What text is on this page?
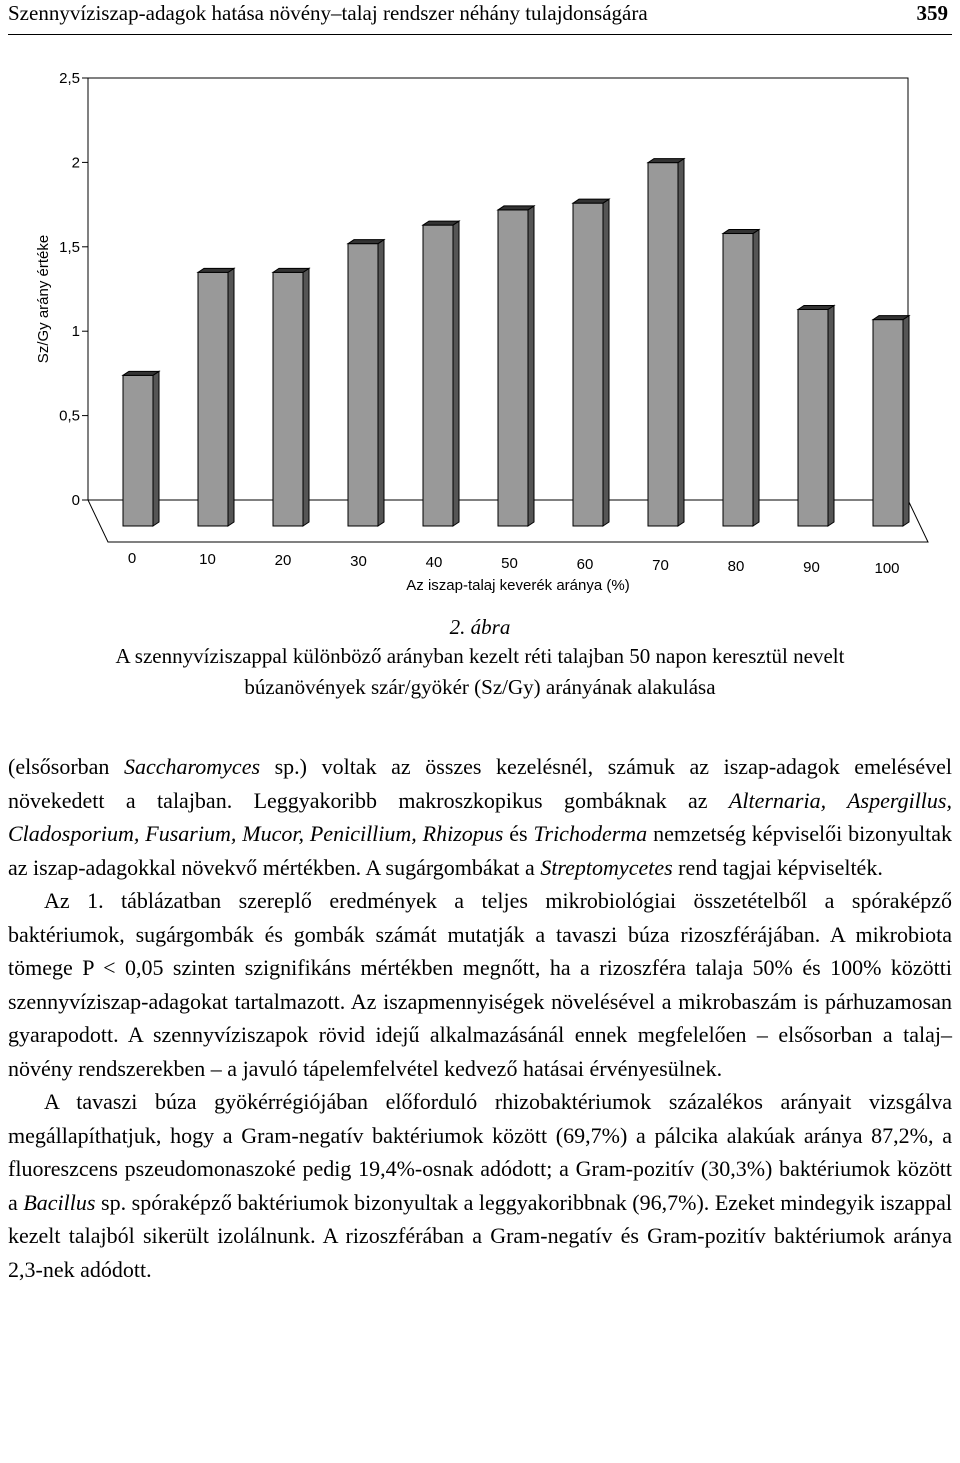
Szennyvíziszap-adagok hatása növény–talaj rendszer néhány tulajdonságára	359
0
0,5
1
1,5
2
2,5
Sz/Gy arány értéke
0	10	20	30	40	50	60	70	80	90	100
Az iszap-talaj keverék aránya (%)
2. ábra
A szennyvíziszappal különböző arányban kezelt réti talajban 50 napon keresztül nevelt
búzanövények szár/gyökér (Sz/Gy) arányának alakulása

(elsősorban Saccharomyces sp.) voltak az összes kezelésnél, számuk az iszap-adagok emelésével növekedett a talajban. Leggyakoribb makroszkopikus gombáknak az Alternaria, Aspergillus, Cladosporium, Fusarium, Mucor, Penicillium, Rhizopus és Trichoderma nemzetség képviselői bizonyultak az iszap-adagokkal növekvő mértékben. A sugárgombákat a Streptomycetes rend tagjai képviselték.

Az 1. táblázatban szereplő eredmények a teljes mikrobiológiai összetételből a spóraképző baktériumok, sugárgombák és gombák számát mutatják a tavaszi búza rizoszférájában. A mikrobiota tömege P < 0,05 szinten szignifikáns mértékben megnőtt, ha a rizoszféra talaja 50% és 100% közötti szennyvíziszap-adagokat tartalmazott. Az iszapmennyiségek növelésével a mikrobaszám is párhuzamosan gyarapodott. A szennyvíziszapok rövid idejű alkalmazásánál ennek megfelelően – elsősorban a talaj–növény rendszerekben – a javuló tápelemfelvétel kedvező hatásai érvényesülnek.

A tavaszi búza gyökérrégiójában előforduló rhizobaktériumok százalékos arányait vizsgálva megállapíthatjuk, hogy a Gram-negatív baktériumok között (69,7%) a pálcika alakúak aránya 87,2%, a fluoreszcens pszeudomonaszoké pedig 19,4%-osnak adódott; a Gram-pozitív (30,3%) baktériumok között a Bacillus sp. spóraképző baktériumok bizonyultak a leggyakoribbnak (96,7%). Ezeket mindegyik iszappal kezelt talajból sikerült izolálnunk. A rizoszférában a Gram-negatív és Gram-pozitív baktériumok aránya 2,3-nek adódott.
